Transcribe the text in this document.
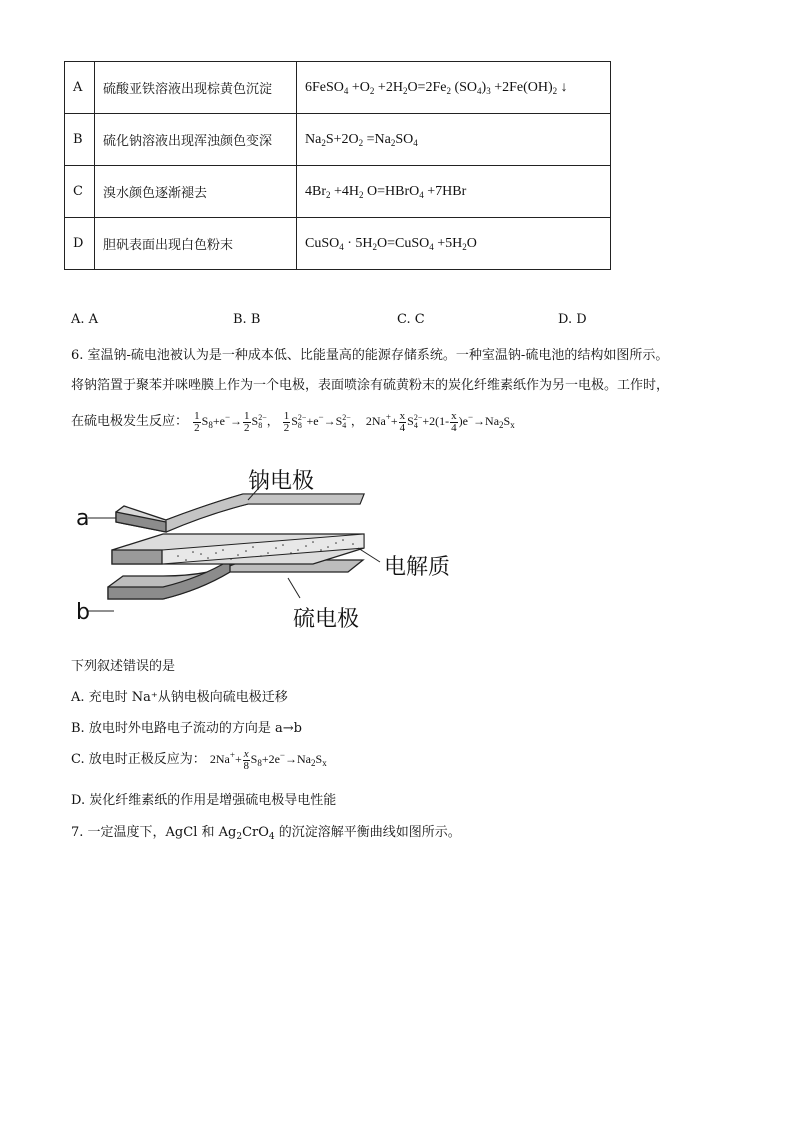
A	硫酸亚铁溶液出现棕黄色沉淀	6FeSO$_4$ $+O_2 +2H_2O=2Fe_2$ $(SO_4)_3 +2Fe(OH)_2$ ↓
B	硫化钠溶液出现浑浊颜色变深	$Na_2S+2O_2 =Na_2SO_4$
C	溴水颜色逐渐褪去	$4Br_2 +4H_2$ O=HBrO$_4$ +7HBr
D	胆矾表面出现白色粉末	CuSO$_4$ · $5H_2O=CuSO_4 +5H_2O$
A. A	B. B	C. C	D. D
6. 室温钠-硫电池被认为是一种成本低、比能量高的能源存储系统。一种室温钠-硫电池的结构如图所示。
将钠箔置于聚苯并咪唑膜上作为一个电极，表面喷涂有硫黄粉末的炭化纤维素纸作为另一电极。工作时，
在硫电极发生反应： $\frac{1}{2} S_8+e^-\to \frac{1}{2}$ S 2−
8 ， $\frac{1}{2}$ S 2−
8 +e−→S 2−
4 ， $2Na^++ \frac{x}{4}$ S 2−
$4 +2(1- \frac{x}{4} )e^-\to Na_2S_x$
钠电极
电解质
硫电极
a
b
下列叙述错误的是
A. 充电时 Na⁺从钠电极向硫电极迁移
B. 放电时外电路电子流动的方向是 a→b
C. 放电时正极反应为： $2Na^++ \frac{x}{8} S_8+2e^-\to Na_2S_x$
D. 炭化纤维素纸的作用是增强硫电极导电性能
7. 一定温度下，AgCl 和 $Ag_2CrO_4$ 的沉淀溶解平衡曲线如图所示。
